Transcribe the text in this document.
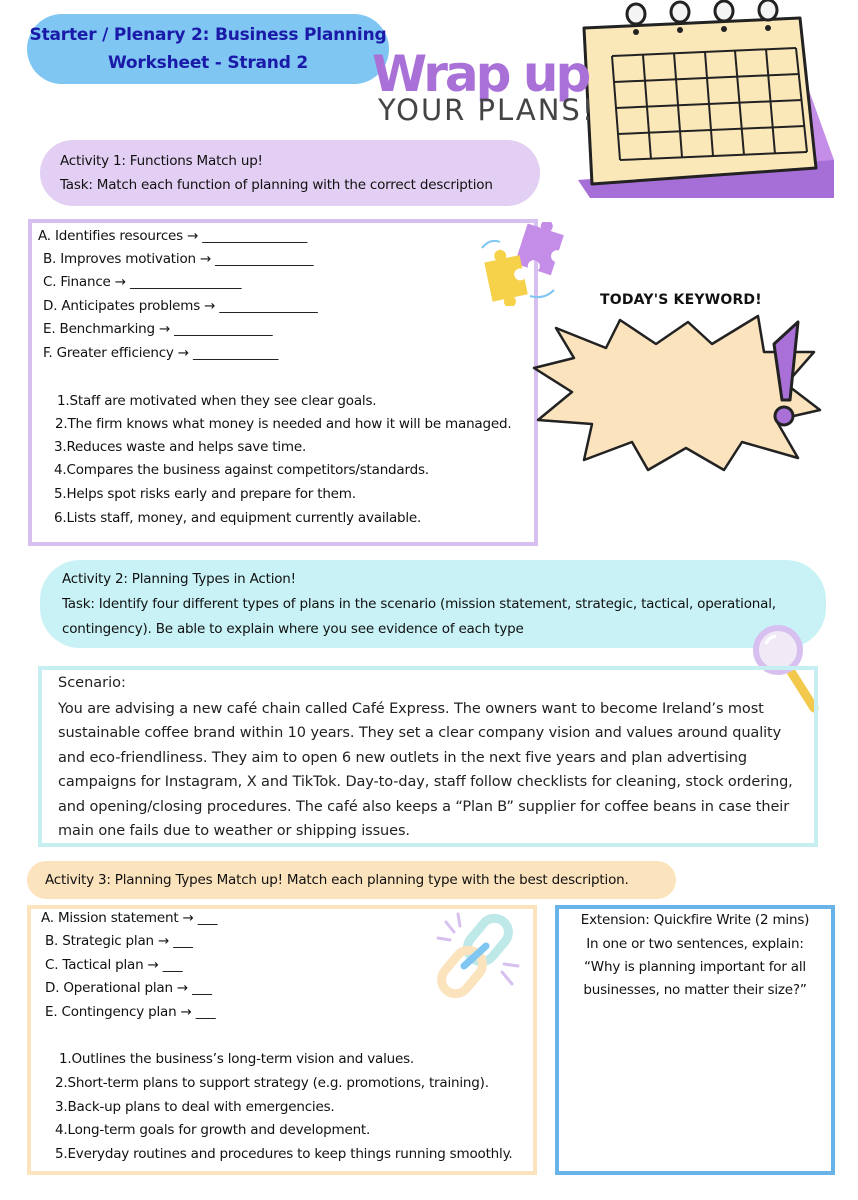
Starter / Plenary 2: Business Planning
Worksheet - Strand 2 Wrap up
YOUR PLANS!
Activity 1: Functions Match up!
Task: Match each function of planning with the correct description
A. Identifies resources → ________________
B. Improves motivation → _______________
C. Finance → _________________
D. Anticipates problems → _______________
E. Benchmarking → _______________
F. Greater efficiency → _____________
1.Staff are motivated when they see clear goals.
2.The firm knows what money is needed and how it will be managed.
3.Reduces waste and helps save time.
4.Compares the business against competitors/standards.
5.Helps spot risks early and prepare for them.
6.Lists staff, money, and equipment currently available.
TODAY'S KEYWORD!
Activity 2: Planning Types in Action!
Task: Identify four different types of plans in the scenario (mission statement, strategic, tactical, operational,
contingency). Be able to explain where you see evidence of each type
Scenario:
You are advising a new café chain called Café Express. The owners want to become Ireland’s most sustainable coffee brand within 10 years. They set a clear company vision and values around quality and eco-friendliness. They aim to open 6 new outlets in the next five years and plan advertising campaigns for Instagram, X and TikTok. Day-to-day, staff follow checklists for cleaning, stock ordering, and opening/closing procedures. The café also keeps a “Plan B” supplier for coffee beans in case their main one fails due to weather or shipping issues.
Activity 3: Planning Types Match up! Match each planning type with the best description.
A. Mission statement → ___
B. Strategic plan → ___
C. Tactical plan → ___
D. Operational plan → ___
E. Contingency plan → ___
1.Outlines the business’s long-term vision and values.
2.Short-term plans to support strategy (e.g. promotions, training).
3.Back-up plans to deal with emergencies.
4.Long-term goals for growth and development.
5.Everyday routines and procedures to keep things running smoothly.
Extension: Quickfire Write (2 mins)
In one or two sentences, explain:
“Why is planning important for all
businesses, no matter their size?”
